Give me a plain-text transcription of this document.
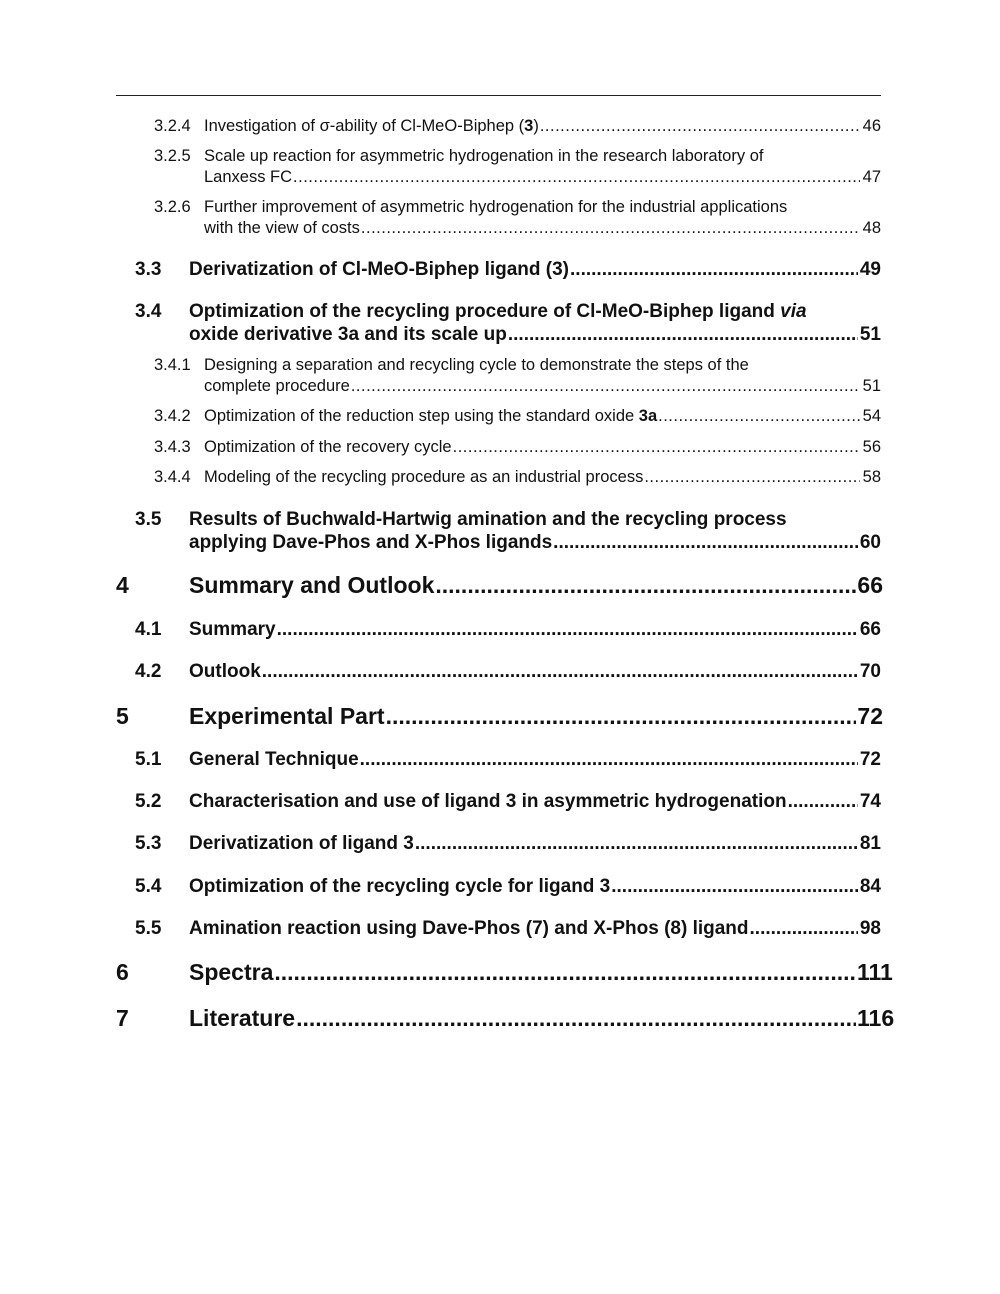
3.2.4 Investigation of σ-ability of Cl-MeO-Biphep (3) .....	46
3.2.5 Scale up reaction for asymmetric hydrogenation in the research laboratory of
Lanxess FC .....	47
3.2.6 Further improvement of asymmetric hydrogenation for the industrial applications
with the view of costs .....	48
3.3 Derivatization of Cl-MeO-Biphep ligand (3) .....	49
3.4 Optimization of the recycling procedure of Cl-MeO-Biphep ligand via
oxide derivative 3a and its scale up .....	51
3.4.1 Designing a separation and recycling cycle to demonstrate the steps of the
complete procedure .....	51
3.4.2 Optimization of the reduction step using the standard oxide 3a .....	54
3.4.3 Optimization of the recovery cycle .....	56
3.4.4 Modeling of the recycling procedure as an industrial process .....	58
3.5 Results of Buchwald-Hartwig amination and the recycling process
applying Dave-Phos and X-Phos ligands .....	60
4	Summary and Outlook .....	66
4.1 Summary .....	66
4.2 Outlook .....	70
5	Experimental Part .....	72
5.1 General Technique .....	72
5.2 Characterisation and use of ligand 3 in asymmetric hydrogenation .....	74
5.3 Derivatization of ligand 3 .....	81
5.4 Optimization of the recycling cycle for ligand 3 .....	84
5.5 Amination reaction using Dave-Phos (7) and X-Phos (8) ligand .....	98
6	Spectra .....	111
7	Literature .....	116
